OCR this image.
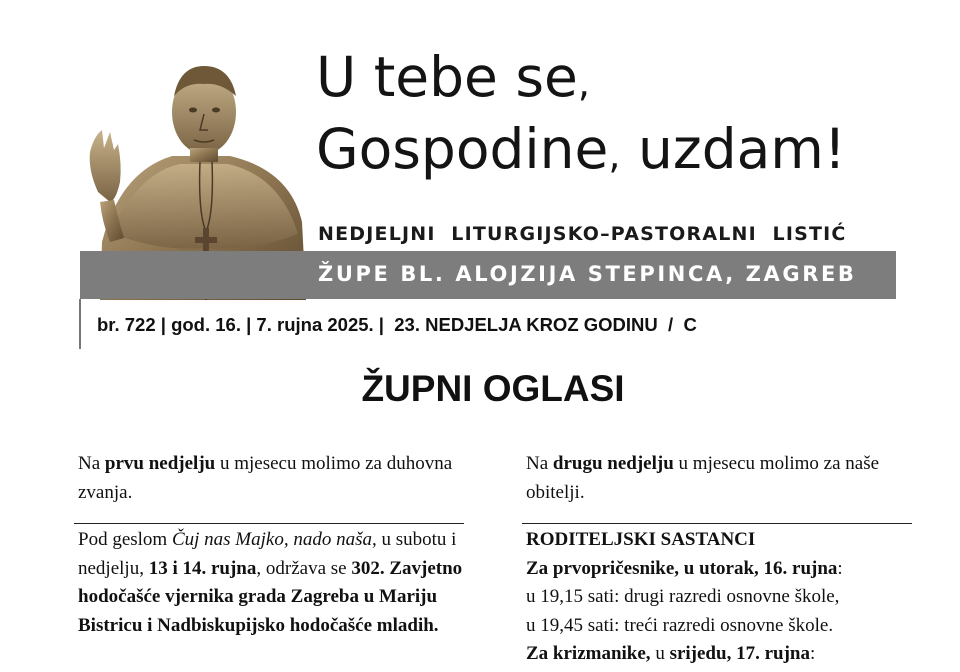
U tebe se,
Gospodine, uzdam!
NEDJELJNI  LITURGIJSKO–PASTORALNI  LISTIĆ
ŽUPE BL. ALOJZIJA STEPINCA, ZAGREB
br. 722 | god. 16. | 7. rujna 2025. |  23. NEDJELJA KROZ GODINU  /  C
ŽUPNI OGLASI

Na prvu nedjelju u mjesecu molimo za duhovna zvanja.

Pod geslom Čuj nas Majko, nado naša, u subotu i nedjelju, 13 i 14. rujna, održava se 302. Zavjetno hodočašće vjernika grada Zagreba u Mariju Bistricu i Nadbiskupijsko hodočašće mladih.

Na drugu nedjelju u mjesecu molimo za naše obitelji.

RODITELJSKI SASTANCI
Za prvopričesnike, u utorak, 16. rujna:
u 19,15 sati: drugi razredi osnovne škole,
u 19,45 sati: treći razredi osnovne škole.
Za krizmanike, u srijedu, 17. rujna:
